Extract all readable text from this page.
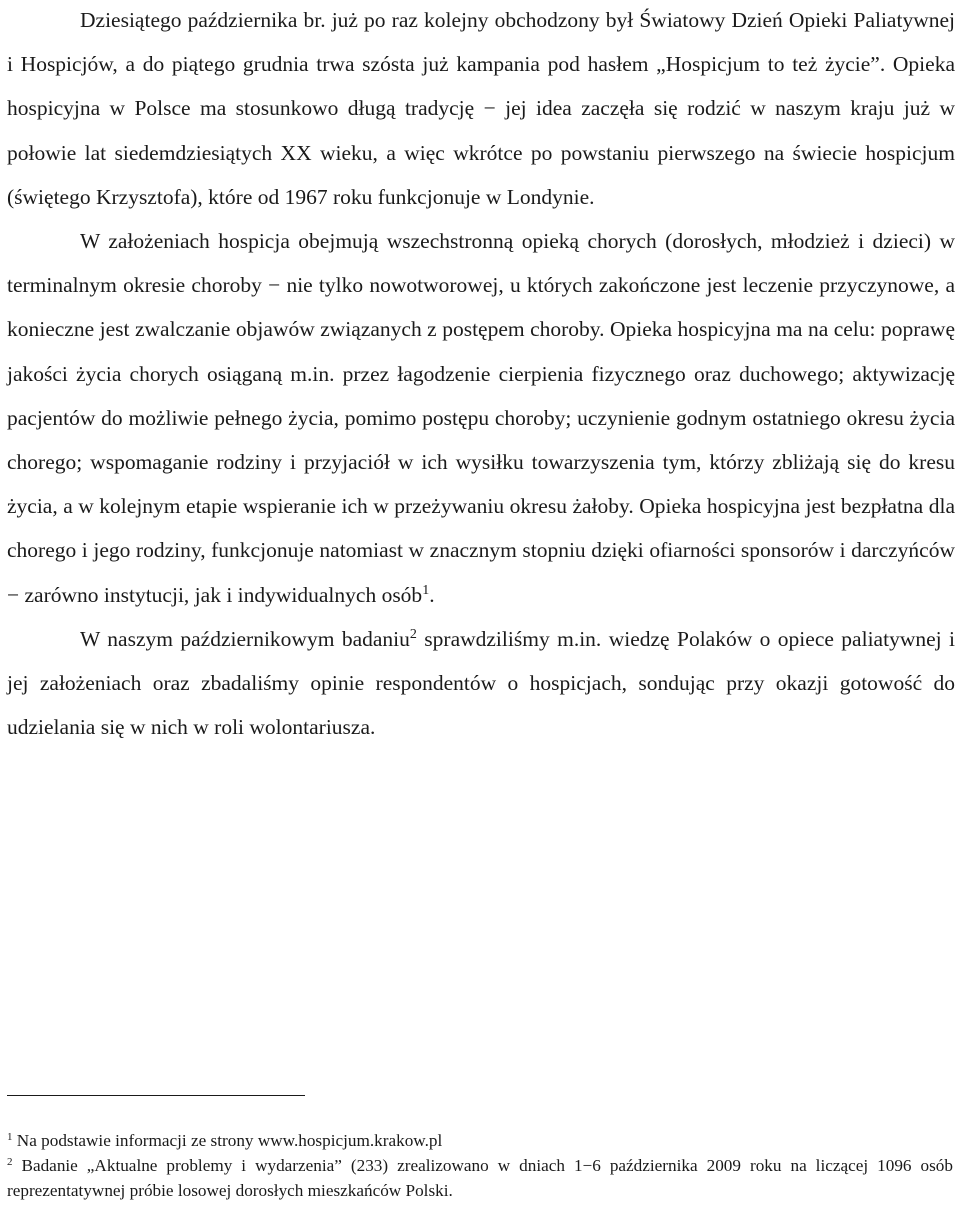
Dziesiątego października br. już po raz kolejny obchodzony był Światowy Dzień Opieki Paliatywnej i Hospicjów, a do piątego grudnia trwa szósta już kampania pod hasłem „Hospicjum to też życie”. Opieka hospicyjna w Polsce ma stosunkowo długą tradycję − jej idea zaczęła się rodzić w naszym kraju już w połowie lat siedemdziesiątych XX wieku, a więc wkrótce po powstaniu pierwszego na świecie hospicjum (świętego Krzysztofa), które od 1967 roku funkcjonuje w Londynie.

W założeniach hospicja obejmują wszechstronną opieką chorych (dorosłych, młodzież i dzieci) w terminalnym okresie choroby − nie tylko nowotworowej, u których zakończone jest leczenie przyczynowe, a konieczne jest zwalczanie objawów związanych z postępem choroby. Opieka hospicyjna ma na celu: poprawę jakości życia chorych osiąganą m.in. przez łagodzenie cierpienia fizycznego oraz duchowego; aktywizację pacjentów do możliwie pełnego życia, pomimo postępu choroby; uczynienie godnym ostatniego okresu życia chorego; wspomaganie rodziny i przyjaciół w ich wysiłku towarzyszenia tym, którzy zbliżają się do kresu życia, a w kolejnym etapie wspieranie ich w przeżywaniu okresu żałoby. Opieka hospicyjna jest bezpłatna dla chorego i jego rodziny, funkcjonuje natomiast w znacznym stopniu dzięki ofiarności sponsorów i darczyńców − zarówno instytucji, jak i indywidualnych osób$^1$.

W naszym październikowym badaniu$^2$ sprawdziliśmy m.in. wiedzę Polaków o opiece paliatywnej i jej założeniach oraz zbadaliśmy opinie respondentów o hospicjach, sondując przy okazji gotowość do udzielania się w nich w roli wolontariusza.

$^1$ Na podstawie informacji ze strony www.hospicjum.krakow.pl

$^2$ Badanie „Aktualne problemy i wydarzenia” (233) zrealizowano w dniach 1−6 października 2009 roku na liczącej 1096 osób reprezentatywnej próbie losowej dorosłych mieszkańców Polski.
